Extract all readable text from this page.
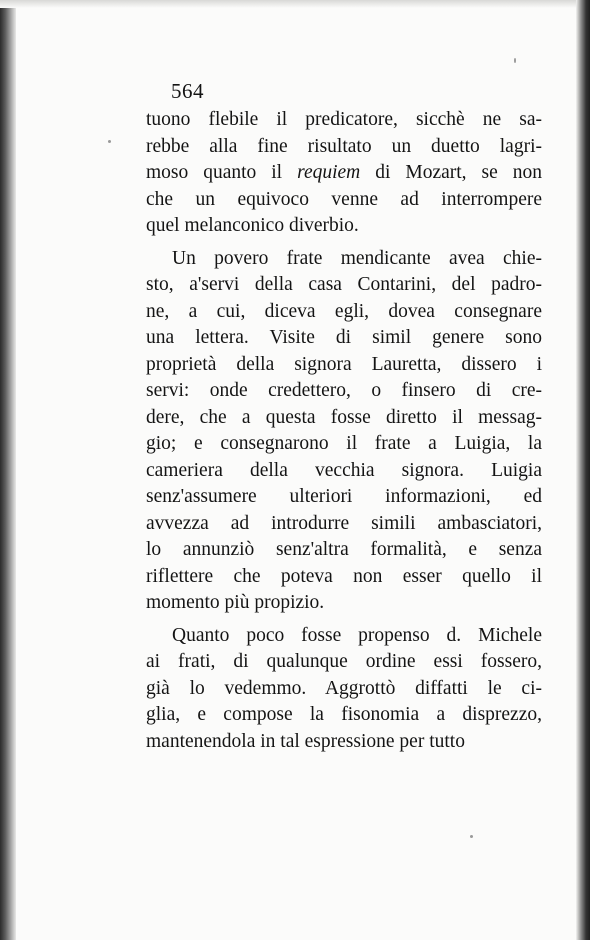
564
tuono flebile il predicatore, sicchè ne sa-
rebbe alla fine risultato un duetto lagri-
moso quanto il requiem di Mozart, se non
che un equivoco venne ad interrompere
quel melanconico diverbio.
Un povero frate mendicante avea chie-
sto, a'servi della casa Contarini, del padro-
ne, a cui, diceva egli, dovea consegnare
una lettera. Visite di simil genere sono
proprietà della signora Lauretta, dissero i
servi: onde credettero, o finsero di cre-
dere, che a questa fosse diretto il messag-
gio; e consegnarono il frate a Luigia, la
cameriera della vecchia signora. Luigia
senz'assumere ulteriori informazioni, ed
avvezza ad introdurre simili ambasciatori,
lo annunziò senz'altra formalità, e senza
riflettere che poteva non esser quello il
momento più propizio.
Quanto poco fosse propenso d. Michele
ai frati, di qualunque ordine essi fossero,
già lo vedemmo. Aggrottò diffatti le ci-
glia, e compose la fisonomia a disprezzo,
mantenendola in tal espressione per tutto
